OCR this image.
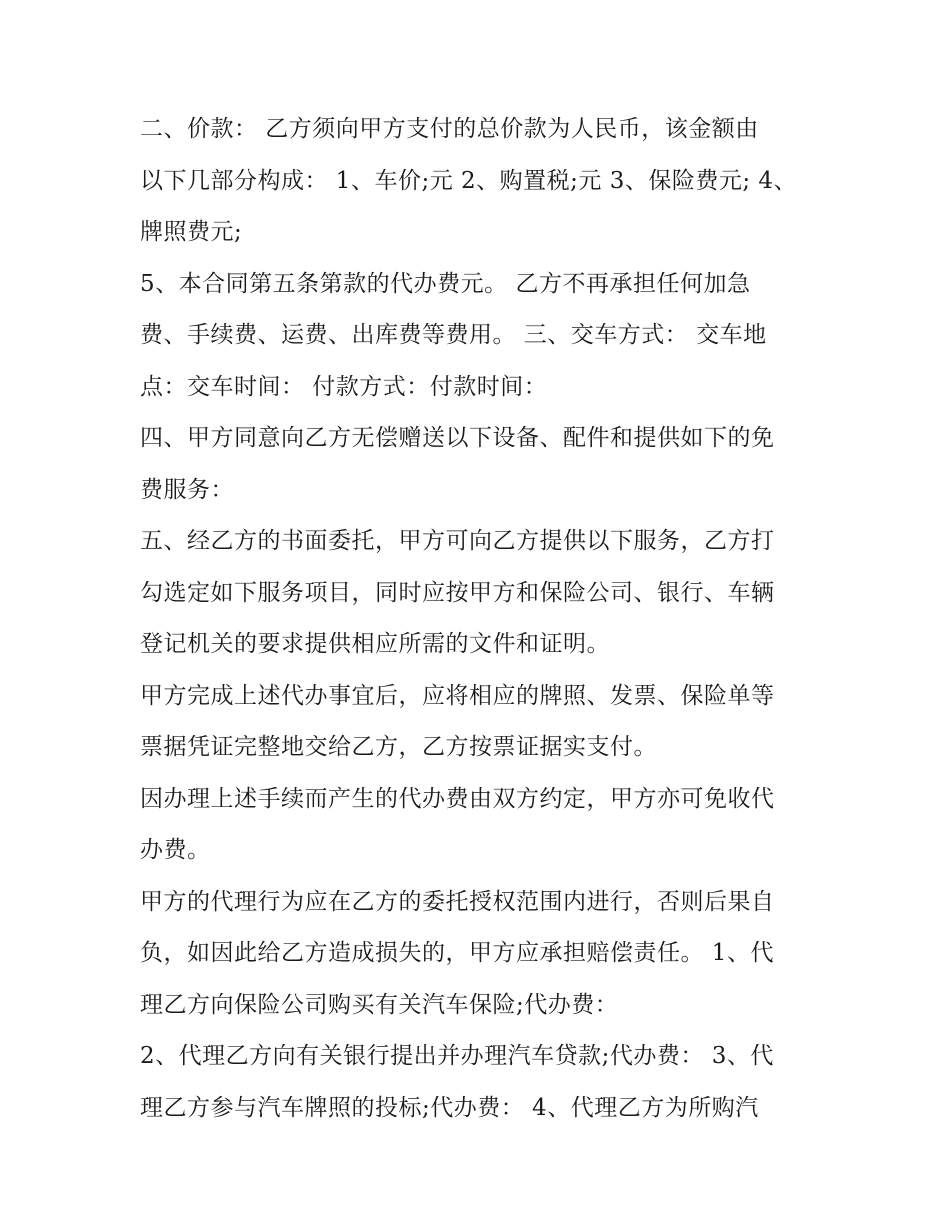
二、价款： 乙方须向甲方支付的总价款为人民币，该金额由

以下几部分构成： 1、车价;元 2、购置税;元 3、保险费元; 4、

牌照费元;

5、本合同第五条第款的代办费元。 乙方不再承担任何加急

费、手续费、运费、出库费等费用。 三、交车方式： 交车地

点：交车时间： 付款方式：付款时间：

四、甲方同意向乙方无偿赠送以下设备、配件和提供如下的免

费服务：

五、经乙方的书面委托，甲方可向乙方提供以下服务，乙方打

勾选定如下服务项目，同时应按甲方和保险公司、银行、车辆

登记机关的要求提供相应所需的文件和证明。

甲方完成上述代办事宜后，应将相应的牌照、发票、保险单等

票据凭证完整地交给乙方，乙方按票证据实支付。

因办理上述手续而产生的代办费由双方约定，甲方亦可免收代

办费。

甲方的代理行为应在乙方的委托授权范围内进行，否则后果自

负，如因此给乙方造成损失的，甲方应承担赔偿责任。 1、代

理乙方向保险公司购买有关汽车保险;代办费：

2、代理乙方向有关银行提出并办理汽车贷款;代办费： 3、代

理乙方参与汽车牌照的投标;代办费： 4、代理乙方为所购汽
